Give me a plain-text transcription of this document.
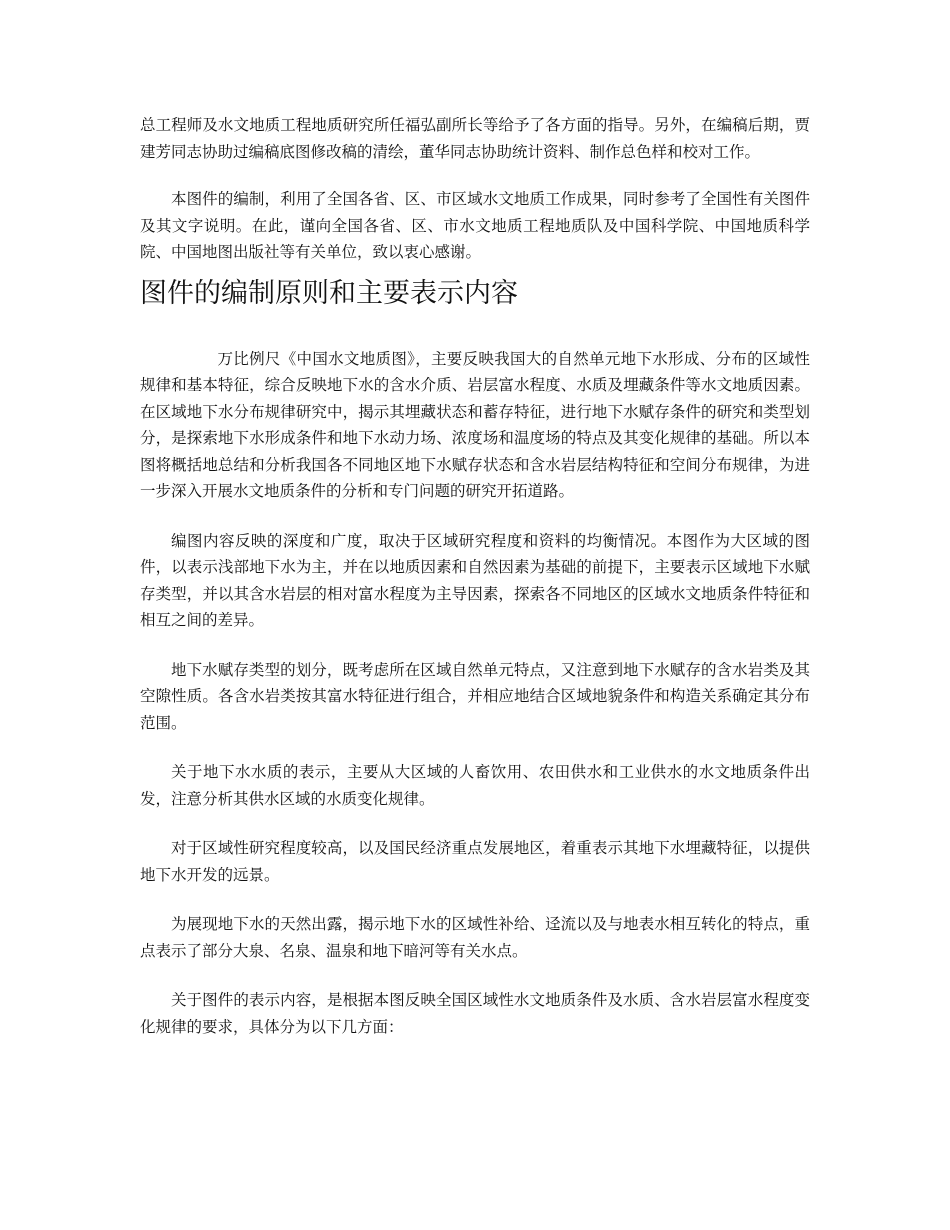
总工程师及水文地质工程地质研究所任福弘副所长等给予了各方面的指导。另外，在编稿后期，贾建芳同志协助过编稿底图修改稿的清绘，董华同志协助统计资料、制作总色样和校对工作。

本图件的编制，利用了全国各省、区、市区域水文地质工作成果，同时参考了全国性有关图件及其文字说明。在此，谨向全国各省、区、市水文地质工程地质队及中国科学院、中国地质科学院、中国地图出版社等有关单位，致以衷心感谢。

图件的编制原则和主要表示内容

万比例尺《中国水文地质图》，主要反映我国大的自然单元地下水形成、分布的区域性规律和基本特征，综合反映地下水的含水介质、岩层富水程度、水质及埋藏条件等水文地质因素。在区域地下水分布规律研究中，揭示其埋藏状态和蓄存特征，进行地下水赋存条件的研究和类型划分，是探索地下水形成条件和地下水动力场、浓度场和温度场的特点及其变化规律的基础。所以本图将概括地总结和分析我国各不同地区地下水赋存状态和含水岩层结构特征和空间分布规律，为进一步深入开展水文地质条件的分析和专门问题的研究开拓道路。

编图内容反映的深度和广度，取决于区域研究程度和资料的均衡情况。本图作为大区域的图件，以表示浅部地下水为主，并在以地质因素和自然因素为基础的前提下，主要表示区域地下水赋存类型，并以其含水岩层的相对富水程度为主导因素，探索各不同地区的区域水文地质条件特征和相互之间的差异。

地下水赋存类型的划分，既考虑所在区域自然单元特点，又注意到地下水赋存的含水岩类及其空隙性质。各含水岩类按其富水特征进行组合，并相应地结合区域地貌条件和构造关系确定其分布范围。

关于地下水水质的表示，主要从大区域的人畜饮用、农田供水和工业供水的水文地质条件出发，注意分析其供水区域的水质变化规律。

对于区域性研究程度较高，以及国民经济重点发展地区，着重表示其地下水埋藏特征，以提供地下水开发的远景。

为展现地下水的天然出露，揭示地下水的区域性补给、迳流以及与地表水相互转化的特点，重点表示了部分大泉、名泉、温泉和地下暗河等有关水点。

关于图件的表示内容，是根据本图反映全国区域性水文地质条件及水质、含水岩层富水程度变化规律的要求，具体分为以下几方面：
